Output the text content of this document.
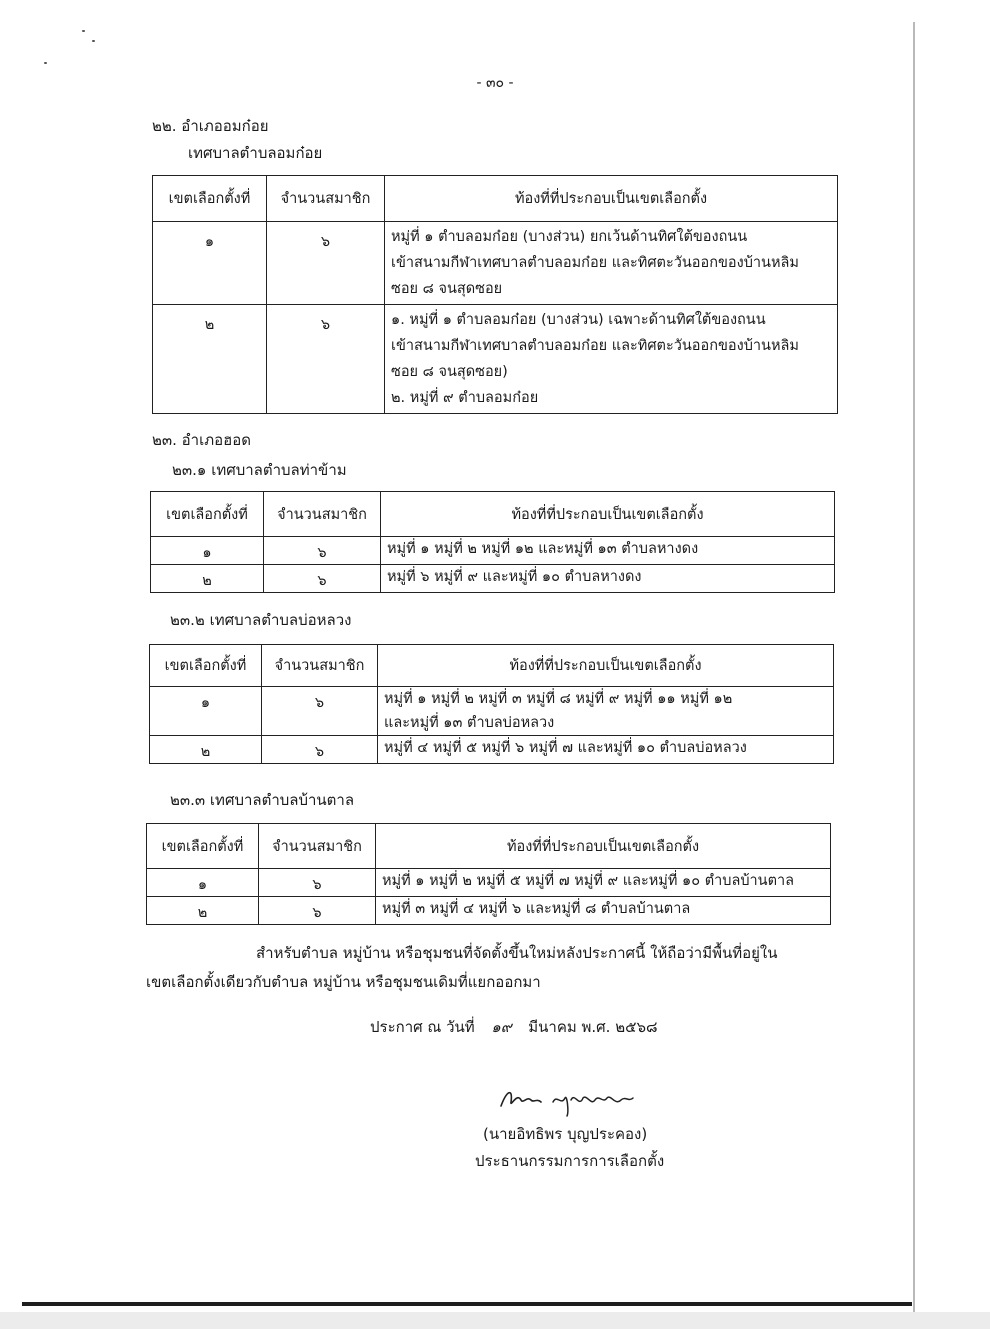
- ๓๐ -
๒๒. อำเภออมก๋อย
เทศบาลตำบลอมก๋อย
เขตเลือกตั้งที่	จำนวนสมาชิก	ท้องที่ที่ประกอบเป็นเขตเลือกตั้ง
๑	๖	หมู่ที่ ๑ ตำบลอมก๋อย (บางส่วน) ยกเว้นด้านทิศใต้ของถนน
เข้าสนามกีฬาเทศบาลตำบลอมก๋อย และทิศตะวันออกของบ้านหลิม
ซอย ๘ จนสุดซอย

๒	๖	๑. หมู่ที่ ๑ ตำบลอมก๋อย (บางส่วน) เฉพาะด้านทิศใต้ของถนน
เข้าสนามกีฬาเทศบาลตำบลอมก๋อย และทิศตะวันออกของบ้านหลิม
ซอย ๘ จนสุดซอย)
๒. หมู่ที่ ๙ ตำบลอมก๋อย
๒๓. อำเภอฮอด
๒๓.๑ เทศบาลตำบลท่าข้าม
เขตเลือกตั้งที่	จำนวนสมาชิก	ท้องที่ที่ประกอบเป็นเขตเลือกตั้ง
๑	๖	หมู่ที่ ๑ หมู่ที่ ๒ หมู่ที่ ๑๒ และหมู่ที่ ๑๓ ตำบลหางดง

๒	๖	หมู่ที่ ๖ หมู่ที่ ๙ และหมู่ที่ ๑๐ ตำบลหางดง
๒๓.๒ เทศบาลตำบลบ่อหลวง
เขตเลือกตั้งที่	จำนวนสมาชิก	ท้องที่ที่ประกอบเป็นเขตเลือกตั้ง
๑	๖	หมู่ที่ ๑ หมู่ที่ ๒ หมู่ที่ ๓ หมู่ที่ ๘ หมู่ที่ ๙ หมู่ที่ ๑๑ หมู่ที่ ๑๒
และหมู่ที่ ๑๓ ตำบลบ่อหลวง

๒	๖	หมู่ที่ ๔ หมู่ที่ ๕ หมู่ที่ ๖ หมู่ที่ ๗ และหมู่ที่ ๑๐ ตำบลบ่อหลวง
๒๓.๓ เทศบาลตำบลบ้านตาล
เขตเลือกตั้งที่	จำนวนสมาชิก	ท้องที่ที่ประกอบเป็นเขตเลือกตั้ง
๑	๖	หมู่ที่ ๑ หมู่ที่ ๒ หมู่ที่ ๕ หมู่ที่ ๗ หมู่ที่ ๙ และหมู่ที่ ๑๐ ตำบลบ้านตาล

๒	๖	หมู่ที่ ๓ หมู่ที่ ๔ หมู่ที่ ๖ และหมู่ที่ ๘ ตำบลบ้านตาล
สำหรับตำบล หมู่บ้าน หรือชุมชนที่จัดตั้งขึ้นใหม่หลังประกาศนี้ ให้ถือว่ามีพื้นที่อยู่ใน
เขตเลือกตั้งเดียวกับตำบล หมู่บ้าน หรือชุมชนเดิมที่แยกออกมา
ประกาศ ณ วันที่ ๑๙ มีนาคม พ.ศ. ๒๕๖๘
(นายอิทธิพร บุญประคอง)
ประธานกรรมการการเลือกตั้ง
